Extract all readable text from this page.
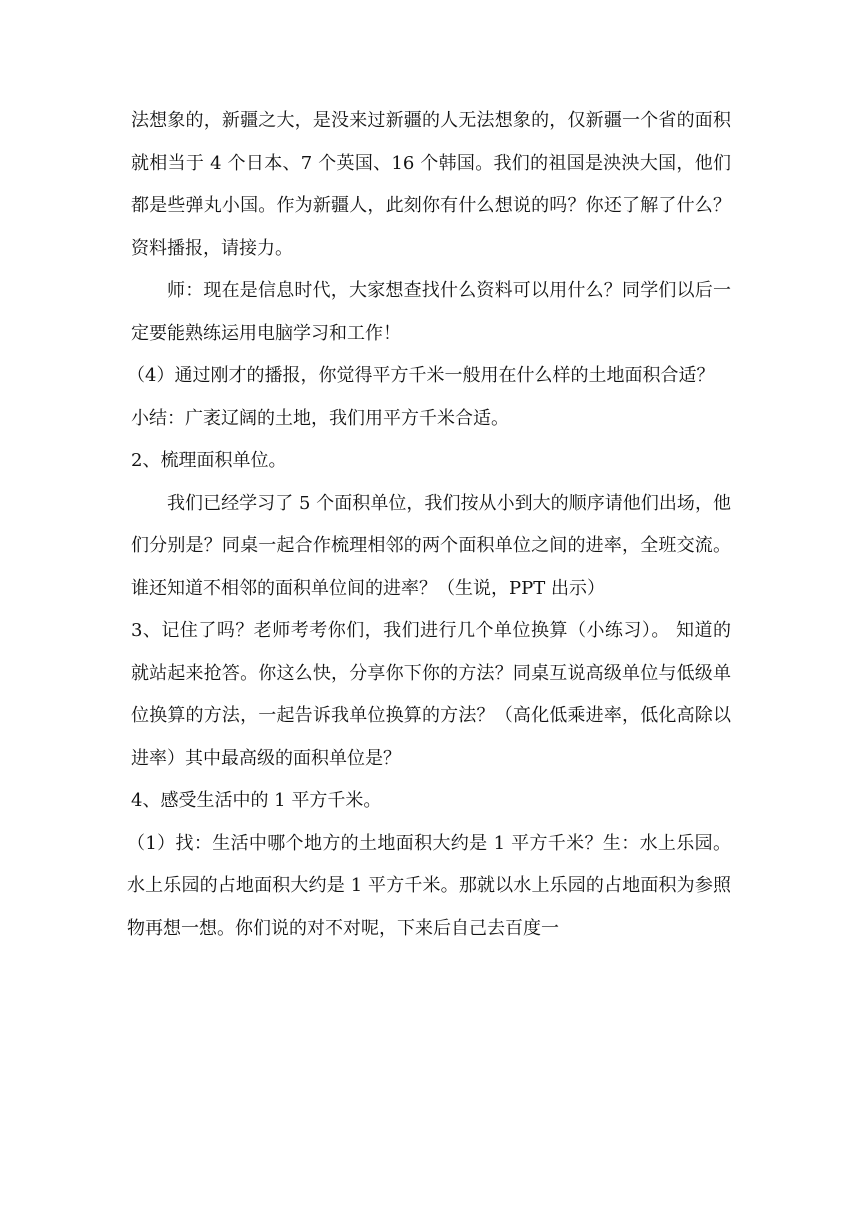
法想象的，新疆之大，是没来过新疆的人无法想象的，仅新疆一个省的面积就相当于 4 个日本、7 个英国、16 个韩国。我们的祖国是泱泱大国，他们都是些弹丸小国。作为新疆人，此刻你有什么想说的吗？你还了解了什么？资料播报，请接力。

师：现在是信息时代，大家想查找什么资料可以用什么？同学们以后一定要能熟练运用电脑学习和工作！

（4）通过刚才的播报，你觉得平方千米一般用在什么样的土地面积合适？

小结：广袤辽阔的土地，我们用平方千米合适。

2、梳理面积单位。

我们已经学习了 5 个面积单位，我们按从小到大的顺序请他们出场，他们分别是？同桌一起合作梳理相邻的两个面积单位之间的进率，全班交流。谁还知道不相邻的面积单位间的进率？（生说，PPT 出示）

3、记住了吗？老师考考你们，我们进行几个单位换算（小练习）。 知道的就站起来抢答。你这么快，分享你下你的方法？同桌互说高级单位与低级单位换算的方法，一起告诉我单位换算的方法？（高化低乘进率，低化高除以进率）其中最高级的面积单位是？

4、感受生活中的 1 平方千米。

（1）找：生活中哪个地方的土地面积大约是 1 平方千米？生：水上乐园。水上乐园的占地面积大约是 1 平方千米。那就以水上乐园的占地面积为参照物再想一想。你们说的对不对呢，下来后自己去百度一
